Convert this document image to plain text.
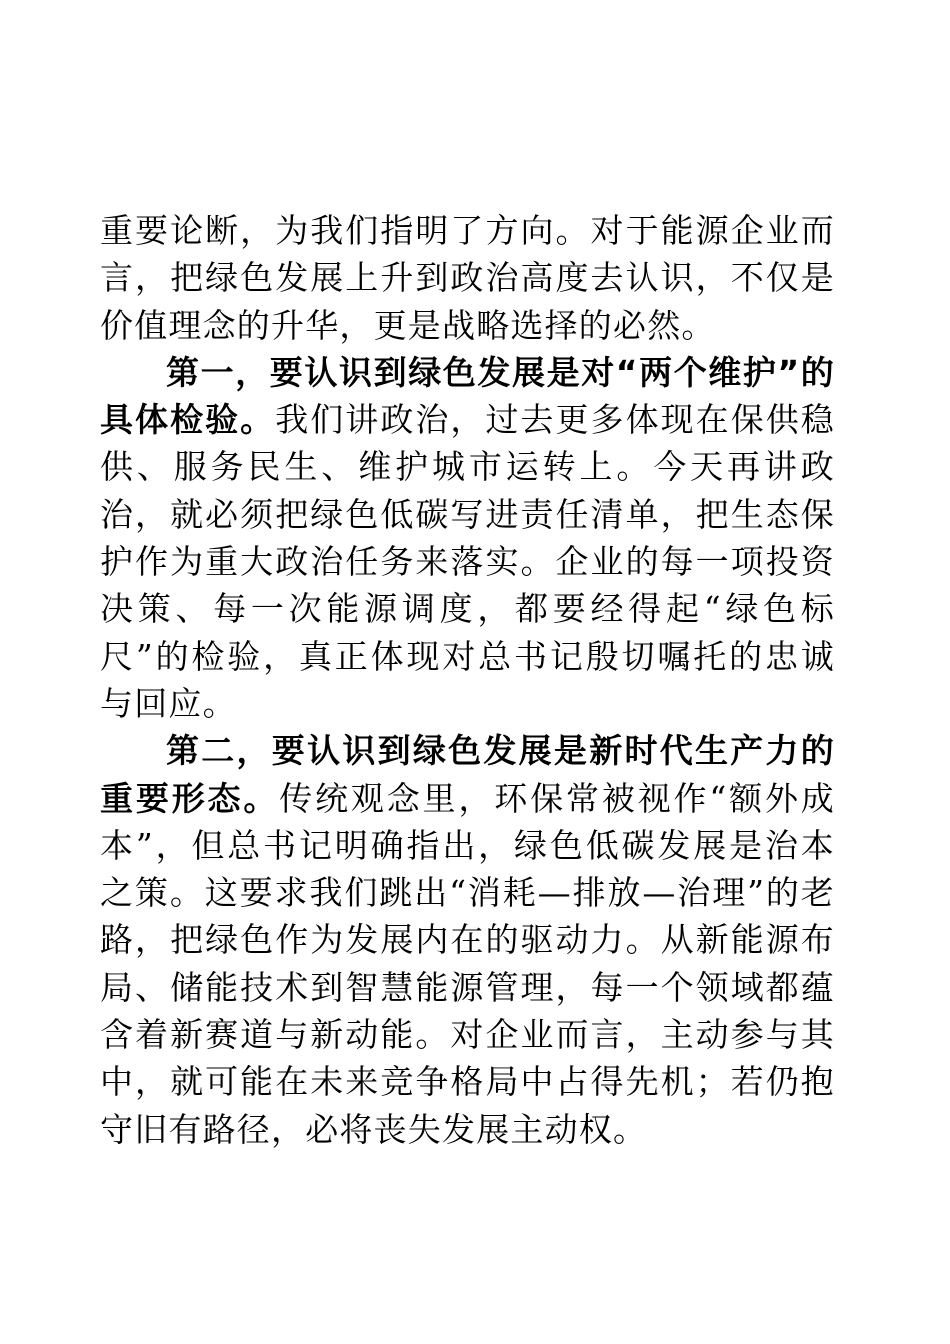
重要论断，为我们指明了方向。对于能源企业而言，把绿色发展上升到政治高度去认识，不仅是价值理念的升华，更是战略选择的必然。

第一，要认识到绿色发展是对“两个维护”的具体检验。我们讲政治，过去更多体现在保供稳供、服务民生、维护城市运转上。今天再讲政治，就必须把绿色低碳写进责任清单，把生态保护作为重大政治任务来落实。企业的每一项投资决策、每一次能源调度，都要经得起“绿色标尺”的检验，真正体现对总书记殷切嘱托的忠诚与回应。

第二，要认识到绿色发展是新时代生产力的重要形态。传统观念里，环保常被视作“额外成本”，但总书记明确指出，绿色低碳发展是治本之策。这要求我们跳出“消耗—排放—治理”的老路，把绿色作为发展内在的驱动力。从新能源布局、储能技术到智慧能源管理，每一个领域都蕴含着新赛道与新动能。对企业而言，主动参与其中，就可能在未来竞争格局中占得先机；若仍抱守旧有路径，必将丧失发展主动权。
